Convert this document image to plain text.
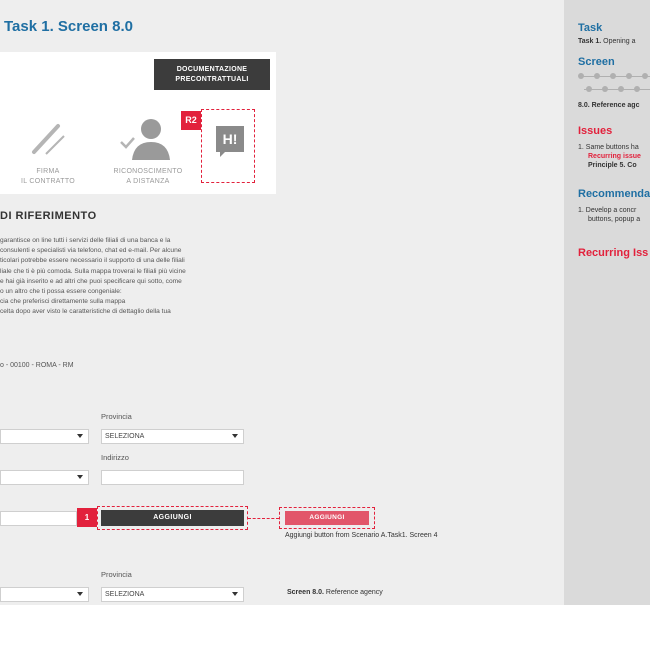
Task 1. Screen 8.0
DOCUMENTAZIONE
PRECONTRATTUALI
FIRMA
IL CONTRATTO
RICONOSCIMENTO
A DISTANZA
R2
H!
DI RIFERIMENTO
garantisce on line tutti i servizi delle filiali di una banca e la
consulenti e specialisti via telefono, chat ed e-mail. Per alcune
ticolari potrebbe essere necessario il supporto di una delle filiali
liale che ti è più comoda. Sulla mappa troverai le filiali più vicine
e hai già inserito e ad altri che puoi specificare qui sotto, come
o un altro che ti possa essere congeniale:
cia che preferisci direttamente sulla mappa
celta dopo aver visto le caratteristiche di dettaglio della tua
o - 00100 - ROMA - RM
Provincia
SELEZIONA
Indirizzo
1	AGGIUNGI	AGGIUNGI
Aggiungi button from Scenario A.Task1. Screen 4
Provincia
SELEZIONA	Screen 8.0. Reference agency
Task
Task 1. Opening a
Screen
8.0. Reference agc
Issues
1. Same buttons ha
Recurring issue
Principle 5. Co
Recommenda
1. Develop a concr
buttons, popup a
Recurring Iss
